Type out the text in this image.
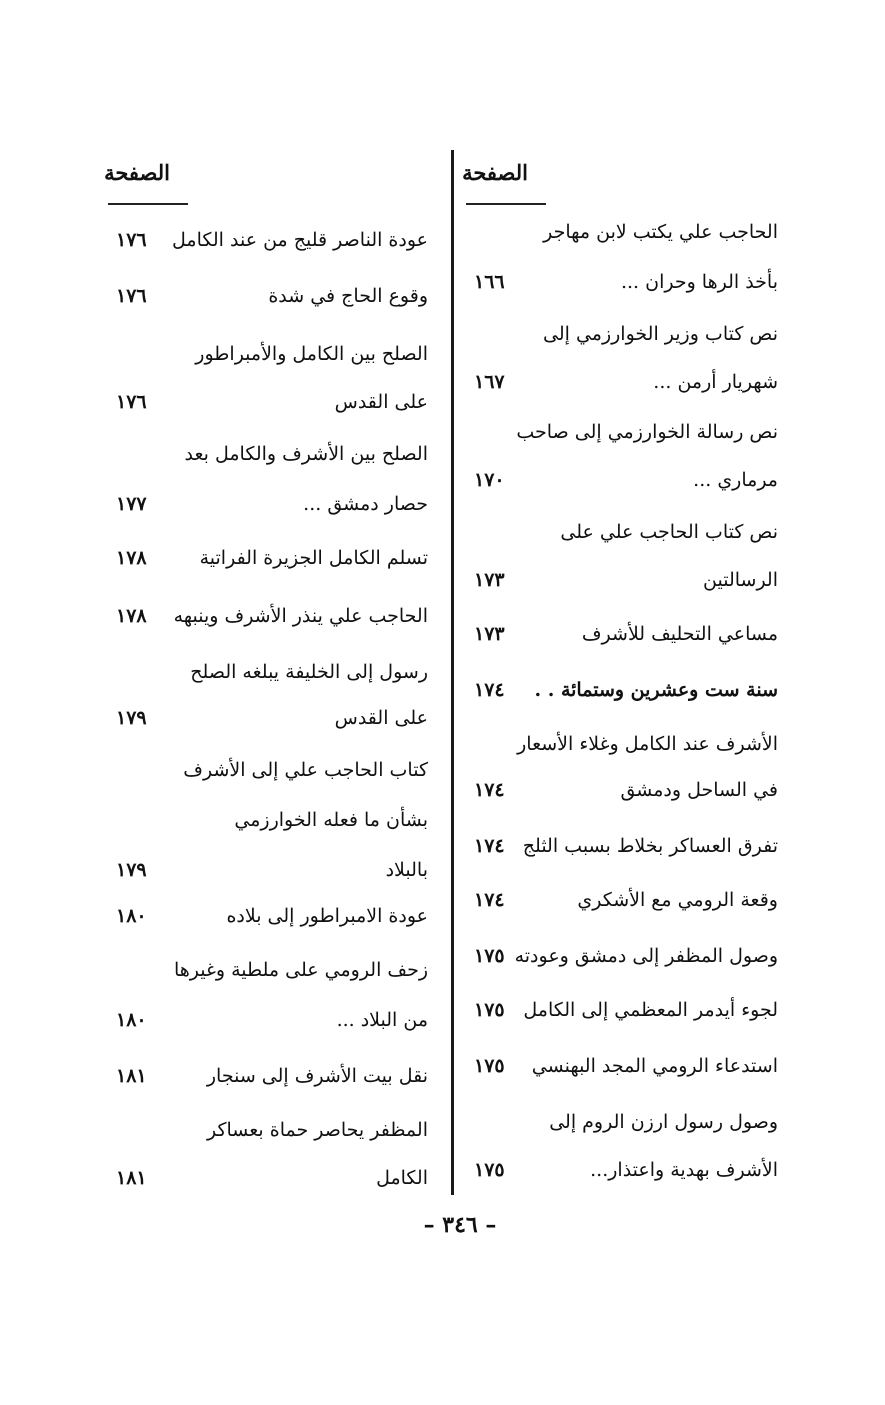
الصفحة
الحاجب علي يكتب لابن مهاجر
بأخذ الرها وحران ...
١٦٦
نص كتاب وزير الخوارزمي إلى
شهريار أرمن ...
١٦٧
نص رسالة الخوارزمي إلى صاحب
مرماري ...
١٧٠
نص كتاب الحاجب علي على
الرسالتين
١٧٣
مساعي التحليف للأشرف
١٧٣
سنة ست وعشرين وستمائة . .
١٧٤
الأشرف عند الكامل وغلاء الأسعار
في الساحل ودمشق
١٧٤
تفرق العساكر بخلاط بسبب الثلج
١٧٤
وقعة الرومي مع الأشكري
١٧٤
وصول المظفر إلى دمشق وعودته
١٧٥
لجوء أيدمر المعظمي إلى الكامل
١٧٥
استدعاء الرومي المجد البهنسي
١٧٥
وصول رسول ارزن الروم إلى
الأشرف بهدية واعتذار...
١٧٥
الصفحة
عودة الناصر قليج من عند الكامل
١٧٦
وقوع الحاج في شدة
١٧٦
الصلح بين الكامل والأمبراطور
على القدس
١٧٦
الصلح بين الأشرف والكامل بعد
حصار دمشق ...
١٧٧
تسلم الكامل الجزيرة الفراتية
١٧٨
الحاجب علي ينذر الأشرف وينبهه
١٧٨
رسول إلى الخليفة يبلغه الصلح
على القدس
١٧٩
كتاب الحاجب علي إلى الأشرف
بشأن ما فعله الخوارزمي
بالبلاد
١٧٩
عودة الامبراطور إلى بلاده
١٨٠
زحف الرومي على ملطية وغيرها
من البلاد ...
١٨٠
نقل بيت الأشرف إلى سنجار
١٨١
المظفر يحاصر حماة بعساكر
الكامل
١٨١
– ٣٤٦ –
